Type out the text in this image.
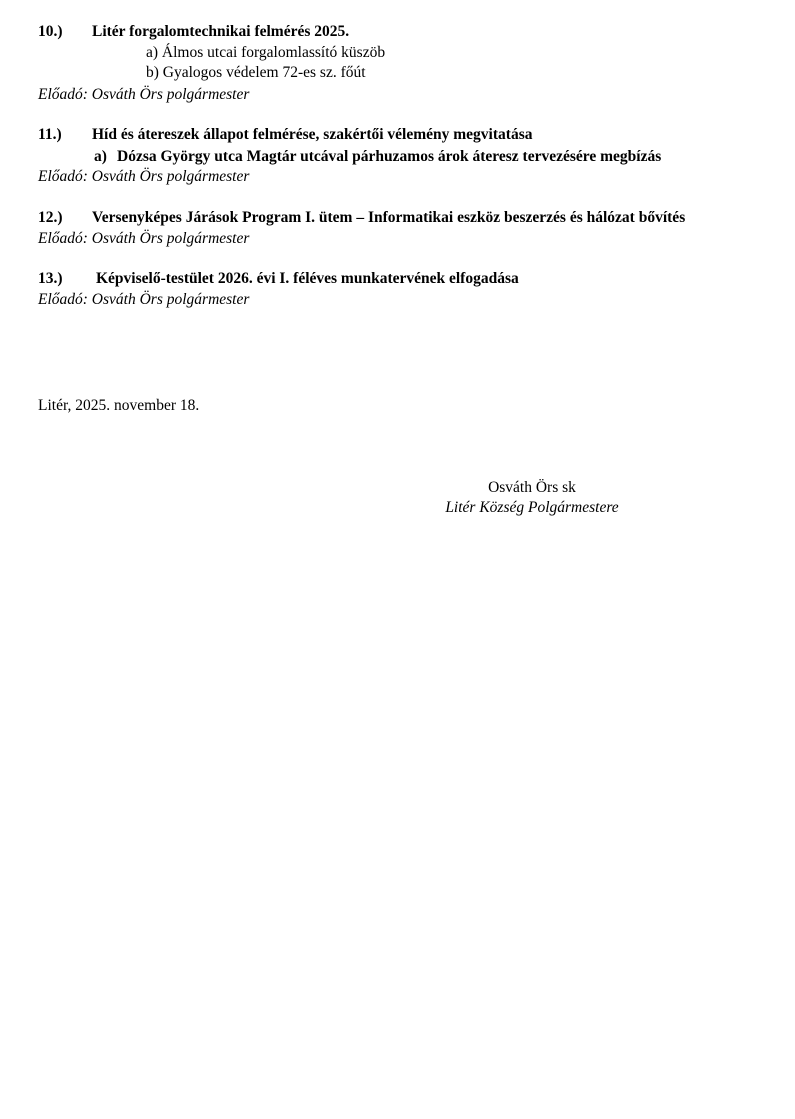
10.) Litér forgalomtechnikai felmérés 2025.

a) Álmos utcai forgalomlassító küszöb
b) Gyalogos védelem 72-es sz. főút

Előadó: Osváth Örs polgármester

11.) Híd és átereszek állapot felmérése, szakértői vélemény megvitatása

a) Dózsa György utca Magtár utcával párhuzamos árok áteresz tervezésére megbízás

Előadó: Osváth Örs polgármester

12.) Versenyképes Járások Program I. ütem – Informatikai eszköz beszerzés és hálózat bővítés

Előadó: Osváth Örs polgármester

13.) Képviselő-testület 2026. évi I. féléves munkatervének elfogadása

Előadó: Osváth Örs polgármester

Litér, 2025. november 18.

Osváth Örs sk

Litér Község Polgármestere
